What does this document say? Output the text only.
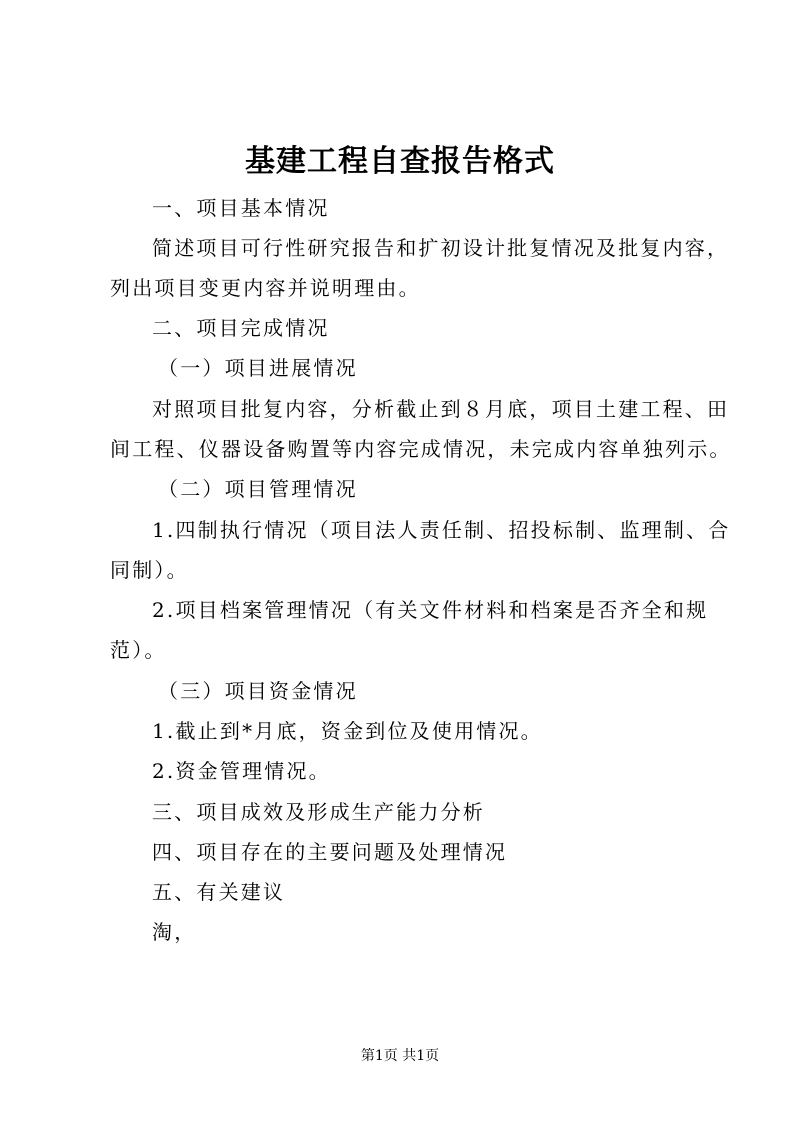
基建工程自查报告格式
一、项目基本情况
简述项目可行性研究报告和扩初设计批复情况及批复内容，
列出项目变更内容并说明理由。
二、项目完成情况
（一）项目进展情况
对照项目批复内容，分析截止到８月底，项目土建工程、田
间工程、仪器设备购置等内容完成情况，未完成内容单独列示。
（二）项目管理情况
1.四制执行情况（项目法人责任制、招投标制、监理制、合
同制）。
2.项目档案管理情况（有关文件材料和档案是否齐全和规
范）。
（三）项目资金情况
1.截止到*月底，资金到位及使用情况。
2.资金管理情况。
三、项目成效及形成生产能力分析
四、项目存在的主要问题及处理情况
五、有关建议
淘，
第1页 共1页
